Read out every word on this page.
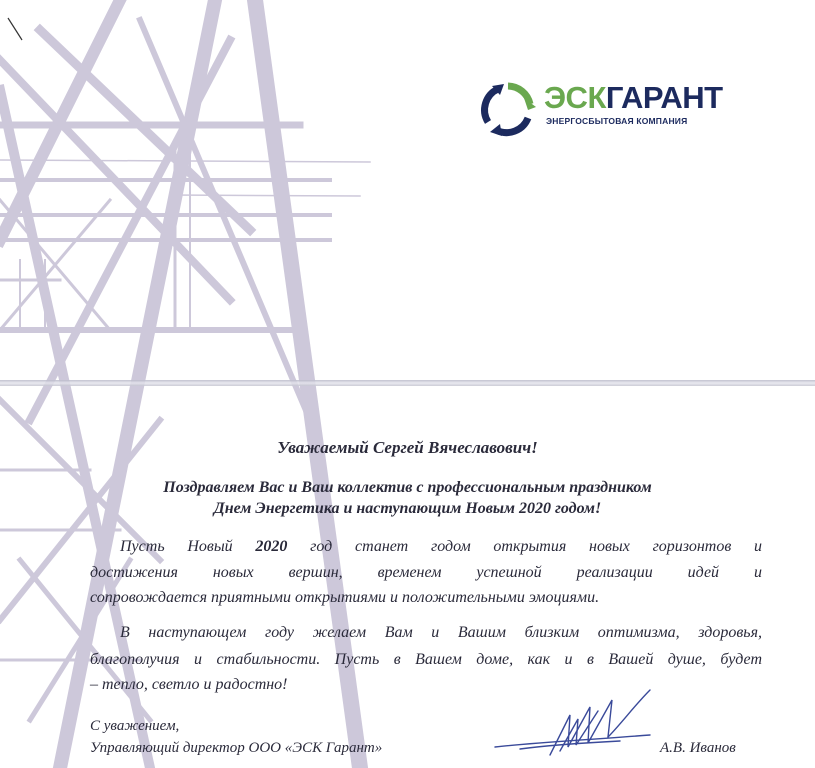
ЭСКГАРАНТ
ЭНЕРГОСБЫТОВАЯ КОМПАНИЯ
Уважаемый Сергей Вячеславович!
Поздравляем Вас и Ваш коллектив с профессиональным праздником
Днем Энергетика и наступающим Новым 2020 годом!
Пусть Новый 2020 год станет годом открытия новых горизонтов и
достижения новых вершин, временем успешной реализации идей и
сопровождается приятными открытиями и положительными эмоциями.
В наступающем году желаем Вам и Вашим близким оптимизма, здоровья,
благополучия и стабильности. Пусть в Вашем доме, как и в Вашей душе, будет
– тепло, светло и радостно!
С уважением,
Управляющий директор ООО «ЭСК Гарант»	А.В. Иванов
